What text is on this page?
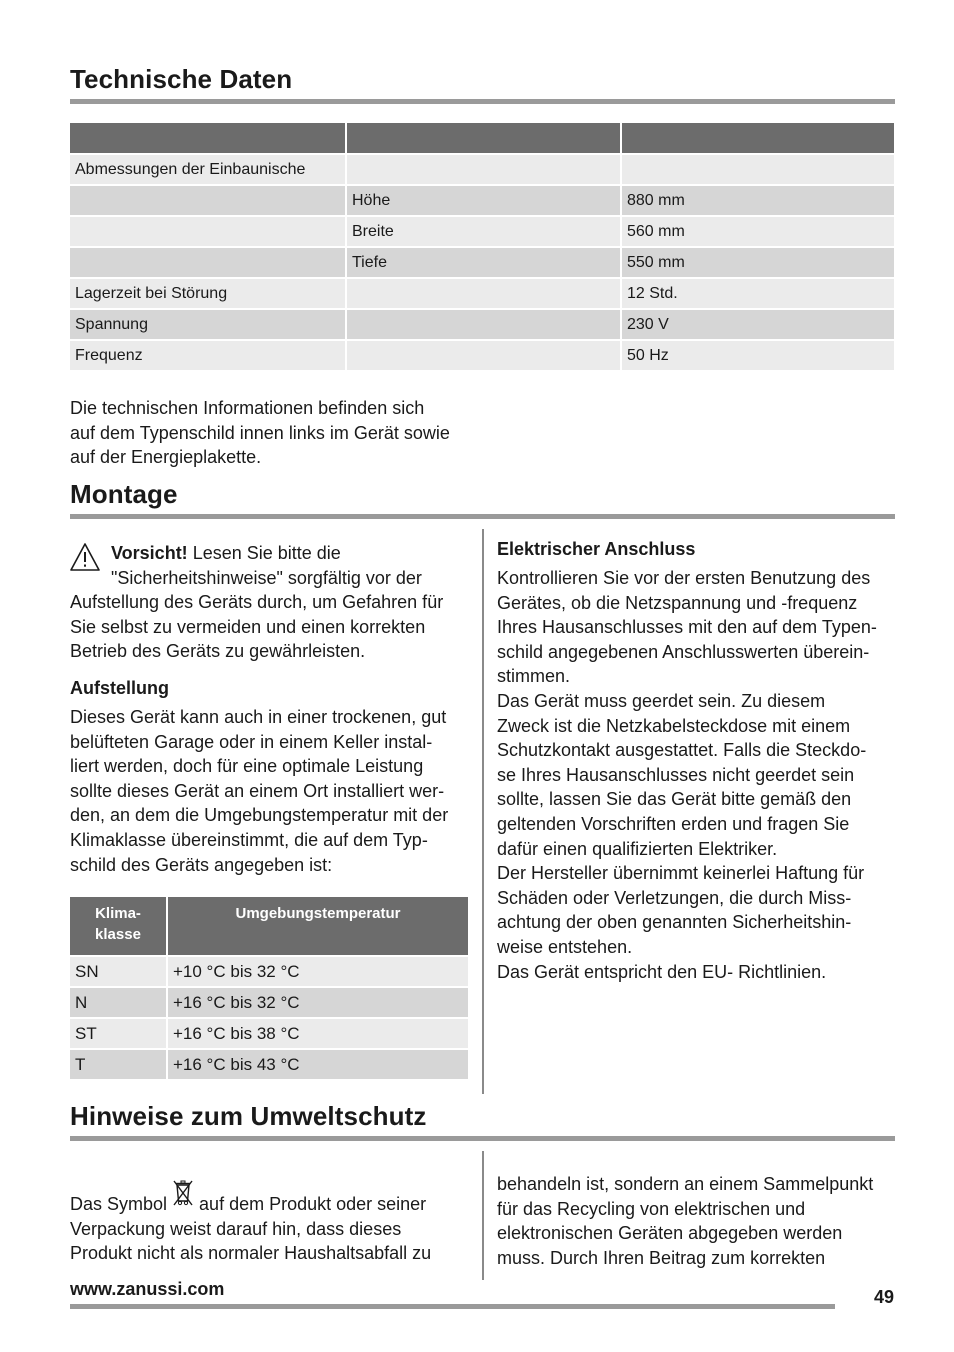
Technische Daten

Abmessungen der Einbaunische		
	Höhe	880 mm
	Breite	560 mm
	Tiefe	550 mm
Lagerzeit bei Störung		12 Std.
Spannung		230 V
Frequenz		50 Hz
Die technischen Informationen befinden sich
auf dem Typenschild innen links im Gerät sowie
auf der Energieplakette.
Montage
Vorsicht! Lesen Sie bitte die
"Sicherheitshinweise" sorgfältig vor der
Aufstellung des Geräts durch, um Gefahren für
Sie selbst zu vermeiden und einen korrekten
Betrieb des Geräts zu gewährleisten.
Aufstellung
Dieses Gerät kann auch in einer trockenen, gut
belüfteten Garage oder in einem Keller instal-
liert werden, doch für eine optimale Leistung
sollte dieses Gerät an einem Ort installiert wer-
den, an dem die Umgebungstemperatur mit der
Klimaklasse übereinstimmt, die auf dem Typ-
schild des Geräts angegeben ist:
Klima-
klasse	Umgebungstemperatur
SN	+10 °C bis 32 °C
N	+16 °C bis 32 °C
ST	+16 °C bis 38 °C
T	+16 °C bis 43 °C
Elektrischer Anschluss
Kontrollieren Sie vor der ersten Benutzung des
Gerätes, ob die Netzspannung und -frequenz
Ihres Hausanschlusses mit den auf dem Typen-
schild angegebenen Anschlusswerten überein-
stimmen.
Das Gerät muss geerdet sein. Zu diesem
Zweck ist die Netzkabelsteckdose mit einem
Schutzkontakt ausgestattet. Falls die Steckdo-
se Ihres Hausanschlusses nicht geerdet sein
sollte, lassen Sie das Gerät bitte gemäß den
geltenden Vorschriften erden und fragen Sie
dafür einen qualifizierten Elektriker.
Der Hersteller übernimmt keinerlei Haftung für
Schäden oder Verletzungen, die durch Miss-
achtung der oben genannten Sicherheitshin-
weise entstehen.
Das Gerät entspricht den EU- Richtlinien.
Hinweise zum Umweltschutz
Das Symbol  auf dem Produkt oder seiner
Verpackung weist darauf hin, dass dieses
Produkt nicht als normaler Haushaltsabfall zu
behandeln ist, sondern an einem Sammelpunkt
für das Recycling von elektrischen und
elektronischen Geräten abgegeben werden
muss. Durch Ihren Beitrag zum korrekten
www.zanussi.com	49
